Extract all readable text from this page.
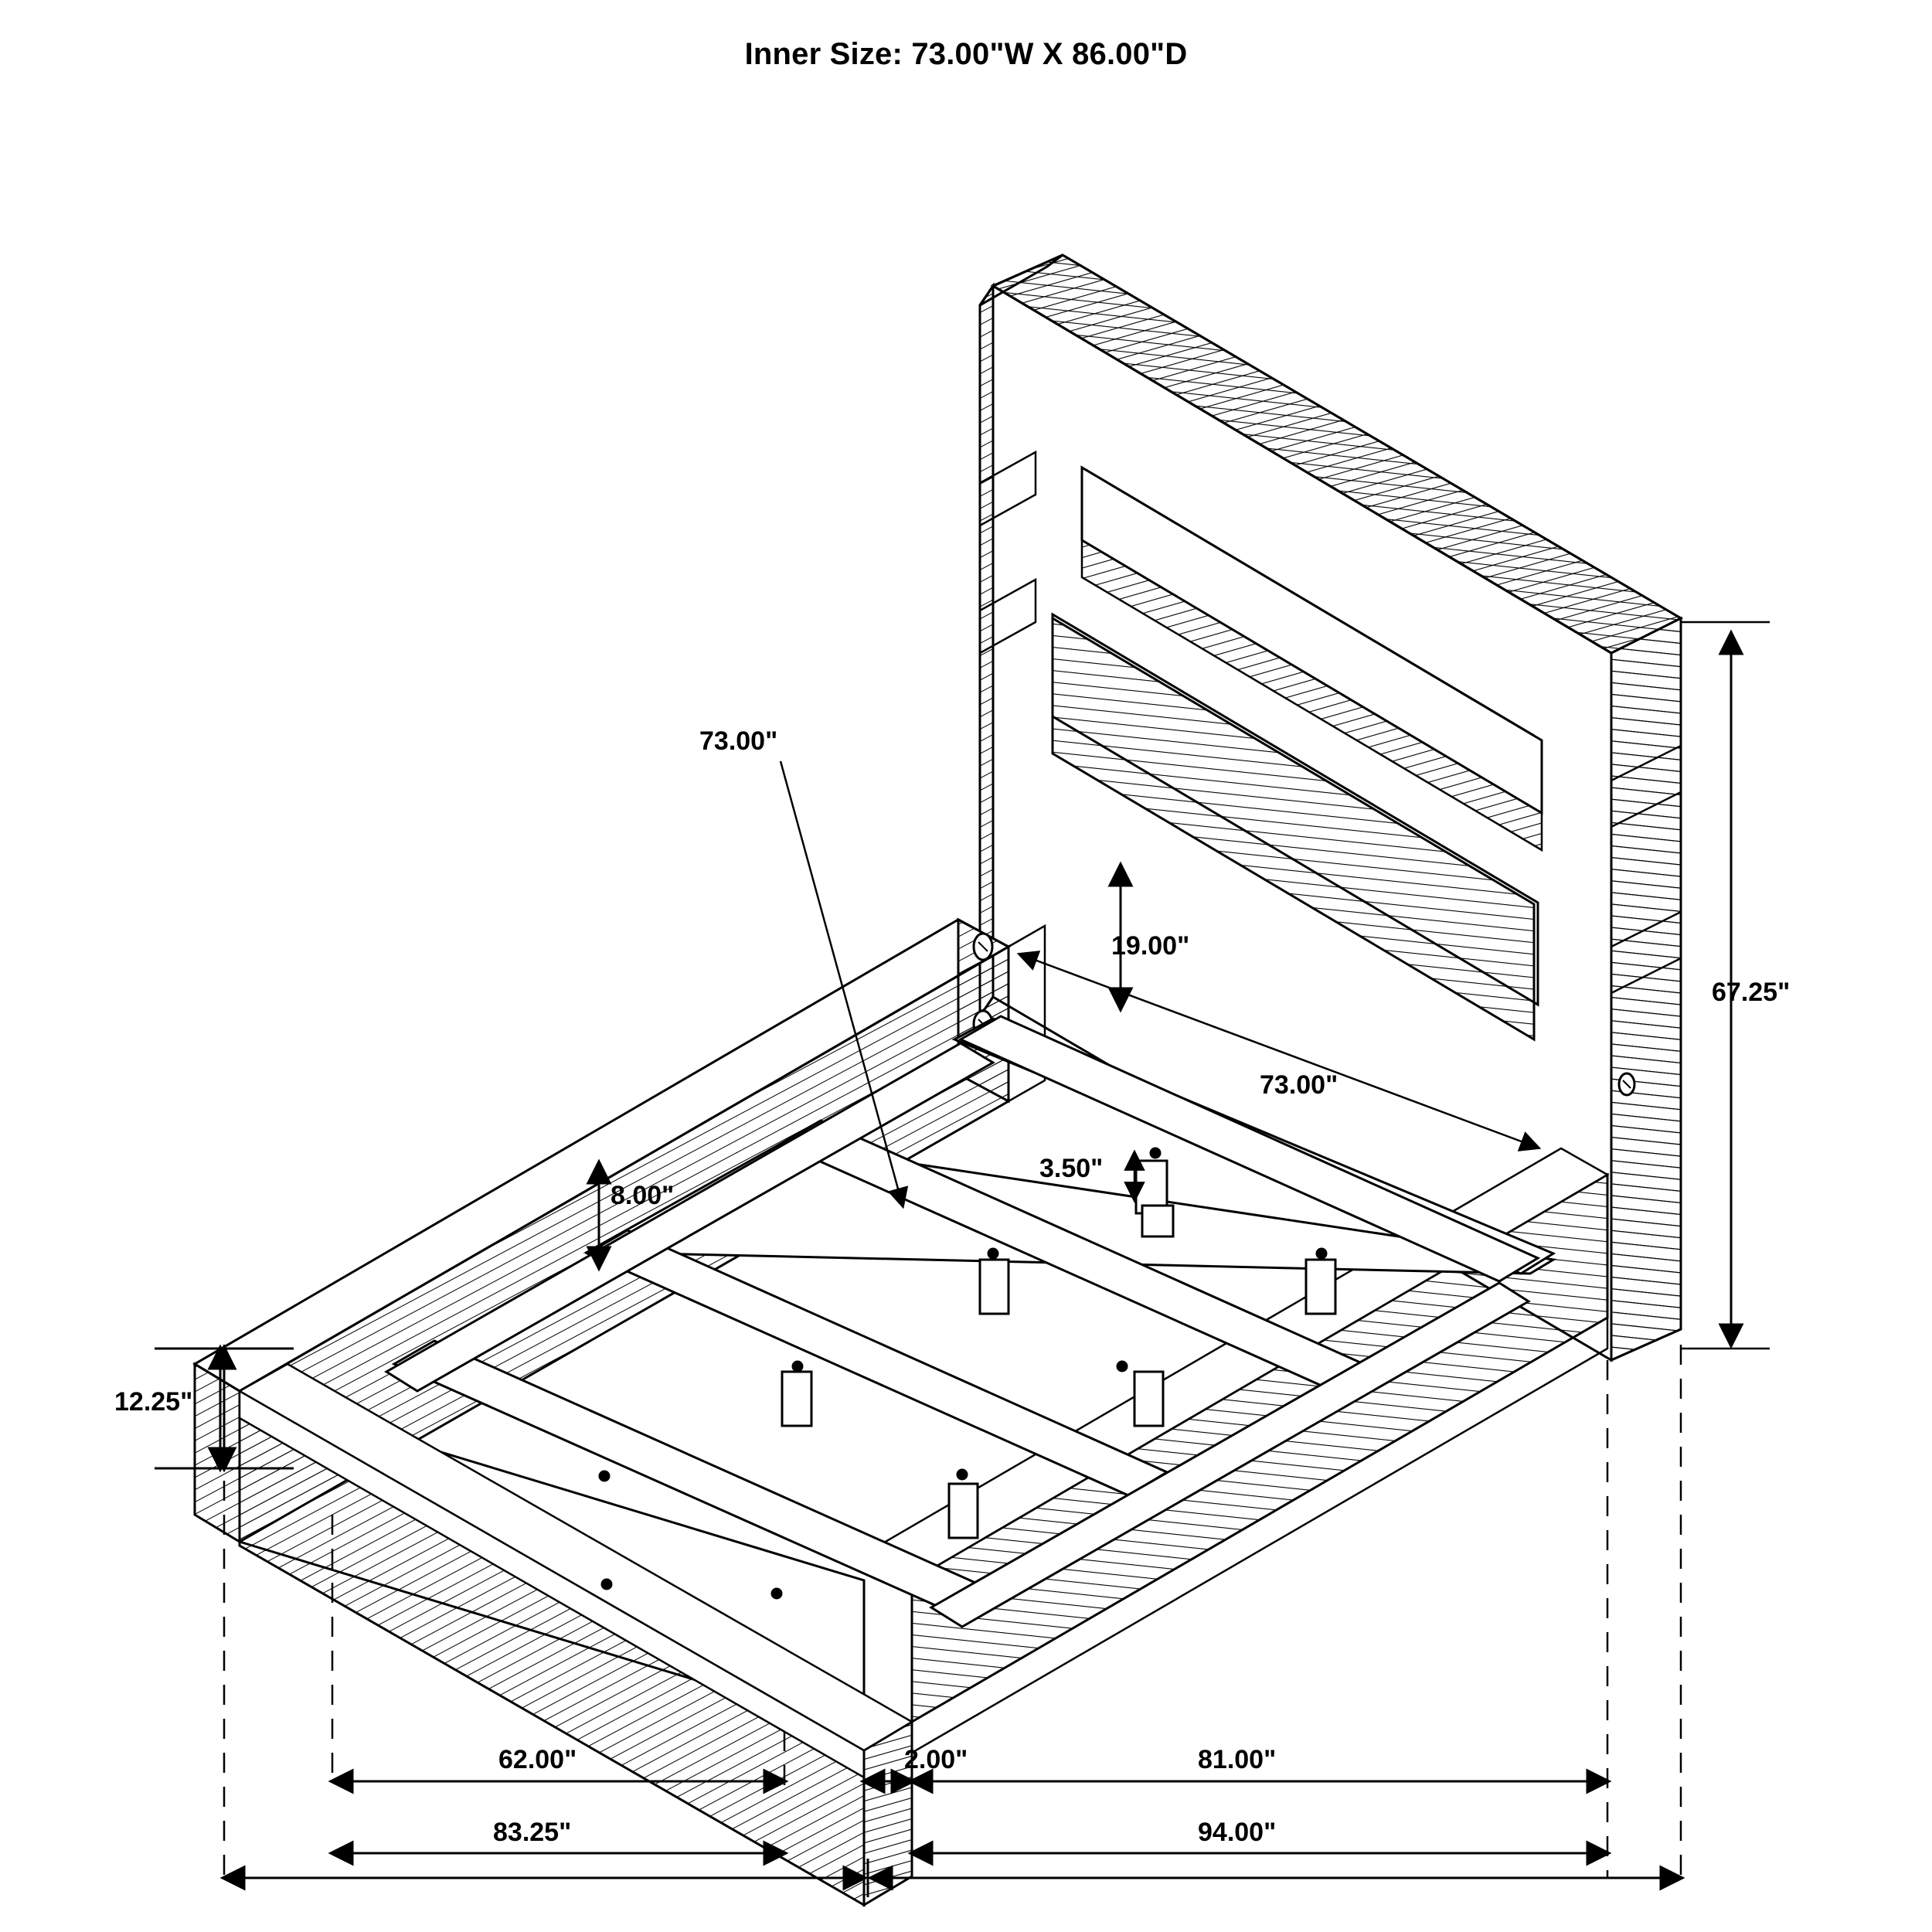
Inner Size: 73.00"W X 86.00"D
73.00"
19.00"
73.00"
3.50"
8.00"
67.25"
12.25"
62.00"
83.25"
2.00"	81.00"
94.00"
